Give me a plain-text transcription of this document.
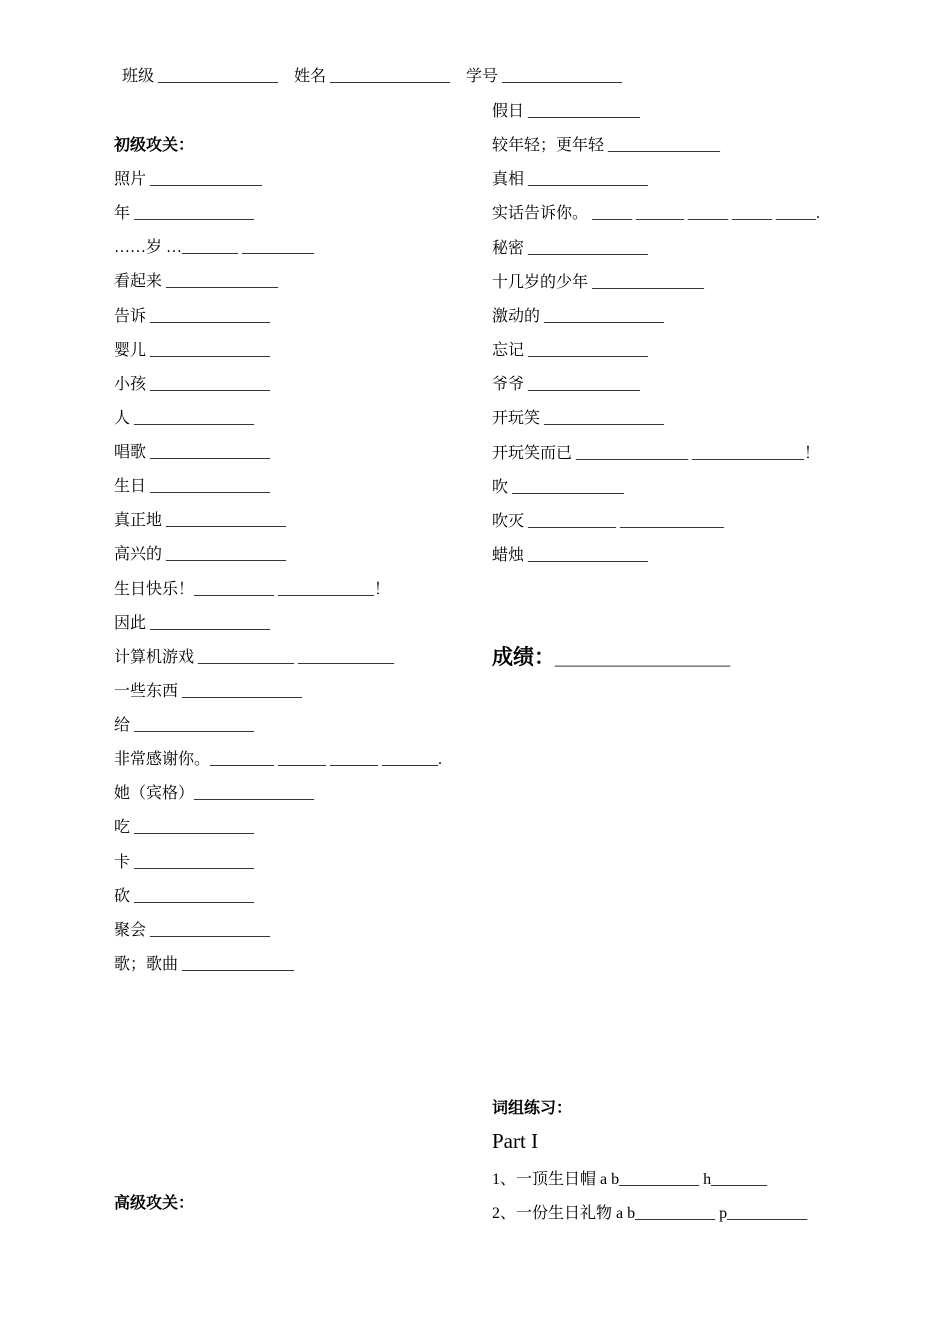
班级 _______________ 姓名 _______________ 学号 _______________
初级攻关：
照片 ______________
年 _______________
……岁 …_______ _________
看起来 ______________
告诉 _______________
婴儿 _______________
小孩 _______________
人 _______________
唱歌 _______________
生日 _______________
真正地 _______________
高兴的 _______________
生日快乐！__________ ____________！
因此 _______________
计算机游戏 ____________ ____________
一些东西 _______________
给 _______________
非常感谢你。________ ______ ______ _______.
她（宾格）_______________
吃 _______________
卡 _______________
砍 _______________
聚会 _______________
歌；歌曲 ______________
高级攻关：
假日 ______________
较年轻；更年轻 ______________
真相 _______________
实话告诉你。 _____ ______ _____ _____ _____.
秘密 _______________
十几岁的少年 ______________
激动的 _______________
忘记 _______________
爷爷 ______________
开玩笑 _______________
开玩笑而已 ______________ ______________！
吹 ______________
吹灭 ___________ _____________
蜡烛 _______________
成绩：_______________
词组练习：
Part I
1、一顶生日帽 a b__________ h_______
2、一份生日礼物 a b__________ p__________
